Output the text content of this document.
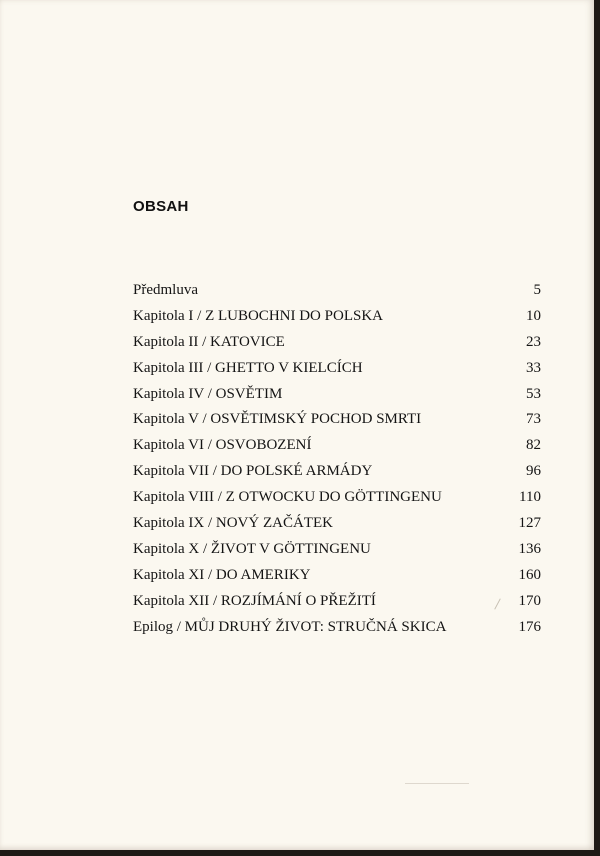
OBSAH
Předmluva	5
Kapitola I / Z LUBOCHNI DO POLSKA	10
Kapitola II / KATOVICE	23
Kapitola III / GHETTO V KIELCÍCH	33
Kapitola IV / OSVĚTIM	53
Kapitola V / OSVĚTIMSKÝ POCHOD SMRTI	73
Kapitola VI / OSVOBOZENÍ	82
Kapitola VII / DO POLSKÉ ARMÁDY	96
Kapitola VIII / Z OTWOCKU DO GÖTTINGENU	110
Kapitola IX / NOVÝ ZAČÁTEK	127
Kapitola X / ŽIVOT V GÖTTINGENU	136
Kapitola XI / DO AMERIKY	160
Kapitola XII / ROZJÍMÁNÍ O PŘEŽITÍ	170
Epilog / MŮJ DRUHÝ ŽIVOT: STRUČNÁ SKICA	176
